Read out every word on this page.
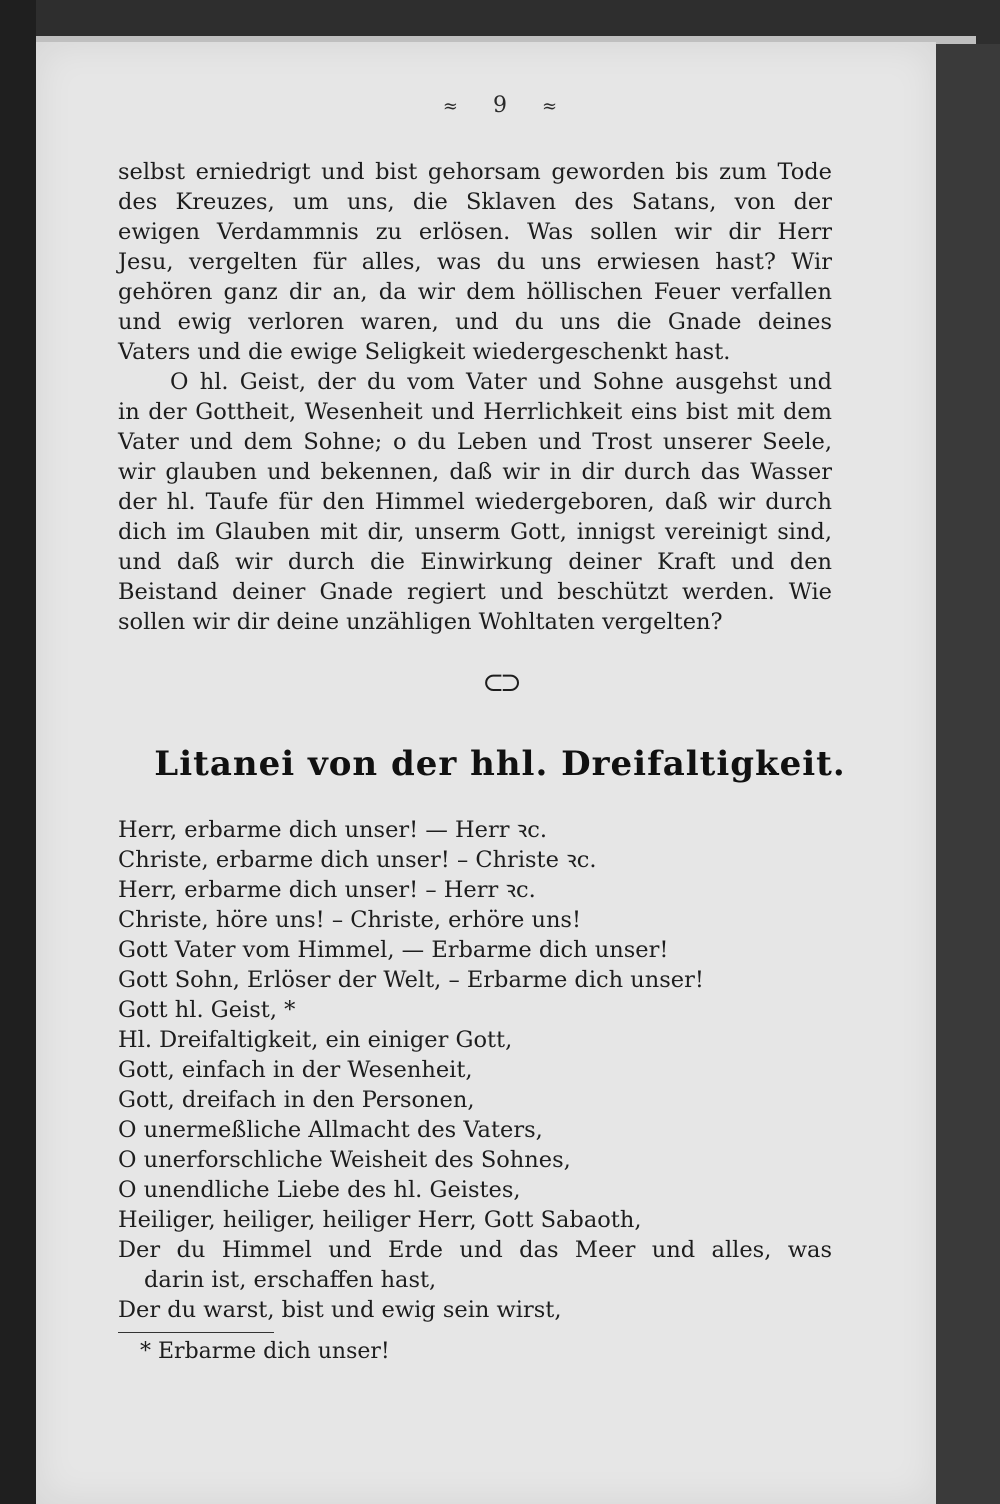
≈ 9 ≈
selbst erniedrigt und bist gehorsam geworden bis zum Tode
des Kreuzes, um uns, die Sklaven des Satans, von der
ewigen Verdammnis zu erlösen. Was sollen wir dir Herr
Jesu, vergelten für alles, was du uns erwiesen hast? Wir
gehören ganz dir an, da wir dem höllischen Feuer verfallen
und ewig verloren waren, und du uns die Gnade deines
Vaters und die ewige Seligkeit wiedergeschenkt hast.
O hl. Geist, der du vom Vater und Sohne ausgehst und
in der Gottheit, Wesenheit und Herrlichkeit eins bist mit dem
Vater und dem Sohne; o du Leben und Trost unserer Seele,
wir glauben und bekennen, daß wir in dir durch das Wasser
der hl. Taufe für den Himmel wiedergeboren, daß wir durch
dich im Glauben mit dir, unserm Gott, innigst vereinigt sind,
und daß wir durch die Einwirkung deiner Kraft und den
Beistand deiner Gnade regiert und beschützt werden. Wie
sollen wir dir deine unzähligen Wohltaten vergelten?
⊂⊃
Litanei von der hhl. Dreifaltigkeit.
Herr, erbarme dich unser! — Herr ꝛc.
Christe, erbarme dich unser! – Christe ꝛc.
Herr, erbarme dich unser! – Herr ꝛc.
Christe, höre uns! – Christe, erhöre uns!
Gott Vater vom Himmel, — Erbarme dich unser!
Gott Sohn, Erlöser der Welt, – Erbarme dich unser!
Gott hl. Geist, *
Hl. Dreifaltigkeit, ein einiger Gott,
Gott, einfach in der Wesenheit,
Gott, dreifach in den Personen,
O unermeßliche Allmacht des Vaters,
O unerforschliche Weisheit des Sohnes,
O unendliche Liebe des hl. Geistes,
Heiliger, heiliger, heiliger Herr, Gott Sabaoth,
Der du Himmel und Erde und das Meer und alles, was
darin ist, erschaffen hast,
Der du warst, bist und ewig sein wirst,
* Erbarme dich unser!
